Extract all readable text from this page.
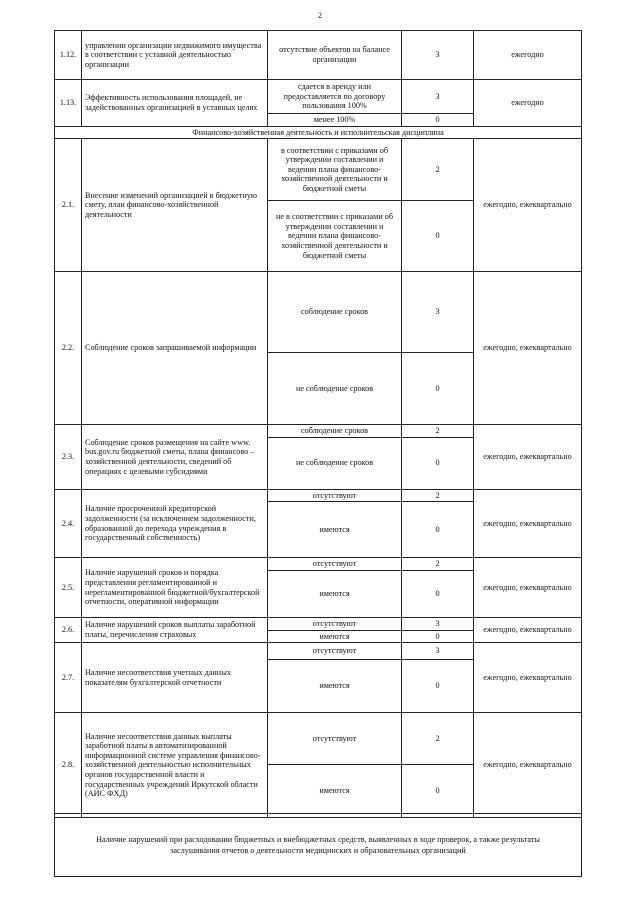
2
1.12.	управлении организации недвижимого имущества в соответствии с уставной деятельностью организации	отсутствие объектов на балансе организации	3	ежегодно
1.13.	Эффективность использования площадей, не задействованных организацией в уставных целях	сдается в аренду или предоставляется по договору пользования 100%	3	ежегодно
		менее 100%	0	
Финансово-хозяйственная деятельность и исполнительская дисциплина				
2.1.	Внесение изменений организацией в бюджетную смету, план финансово-хозяйственной деятельности	в соответствии с приказами об утверждении составлении и ведении плана финансово-хозяйственной деятельности и бюджетной сметы	2	ежегодно, ежеквартально
		не в соответствии с приказами об утверждении составлении и ведении плана финансово-хозяйственной деятельности и бюджетной сметы	0	
2.2.	Соблюдение сроков запрашиваемой информации	соблюдение сроков	3	ежегодно, ежеквартально
		не соблюдение сроков	0	
2.3.	Соблюдение сроков размещения на сайте www. bus.gov.ru бюджетной сметы, плана финансово – хозяйственной деятельности, сведений об операциях с целевыми субсидиями	соблюдение сроков	2	ежегодно, ежеквартально
		не соблюдение сроков	0	
2.4.	Наличие просроченной кредиторской задолженности (за исключением задолженности, образованной до перехода учреждения в государственный собственность)	отсутствуют	2	ежегодно, ежеквартально
		имеются	0	
2.5.	Наличие нарушений сроков и порядка представления регламентированной и нерегламентированной бюджетной/бухгалтерской отчетности, оперативной информации	отсутствуют	2	ежегодно, ежеквартально
		имеются	0	
2.6.	Наличие нарушений сроков выплаты заработной платы, перечисления страховых	отсутствуют	3	ежегодно, ежеквартально
		имеются	0	
2.7.	Наличие несоответствия учетных данных показателям бухгалтерской отчетности	отсутствуют	3	ежегодно, ежеквартально
		имеются	0	
2.8.	Наличие несоответствия данных выплаты заработной платы в автоматизированной информационной системе управления финансово-хозяйственной деятельностью исполнительных органов государственной власти и государственных учреждений Иркутской области (АИС ФХД)	отсутствуют	2	ежегодно, ежеквартально
		имеются	0	
Наличие нарушений при расходовании бюджетных и внебюджетных средств, выявленных в ходе проверок, а также результаты заслушивания отчетов о деятельности медицинских и образовательных организаций
